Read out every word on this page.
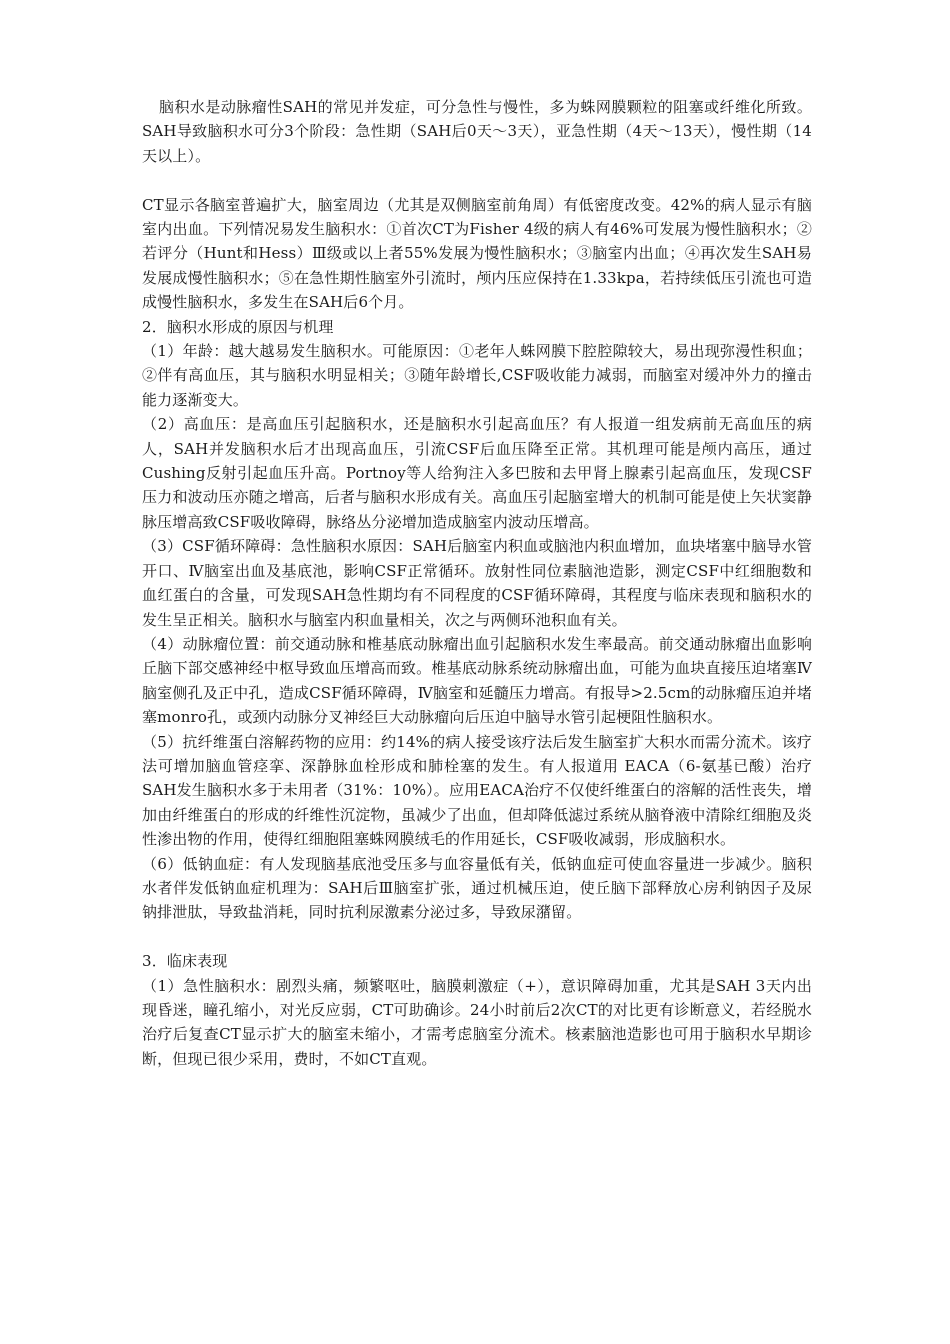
脑积水是动脉瘤性SAH的常见并发症，可分急性与慢性，多为蛛网膜颗粒的阻塞或纤维化所致。SAH导致脑积水可分3个阶段：急性期（SAH后0天～3天），亚急性期（4天～13天），慢性期（14天以上）。

CT显示各脑室普遍扩大，脑室周边（尤其是双侧脑室前角周）有低密度改变。42%的病人显示有脑室内出血。下列情况易发生脑积水：①首次CT为Fisher 4级的病人有46%可发展为慢性脑积水；②若评分（Hunt和Hess）Ⅲ级或以上者55%发展为慢性脑积水；③脑室内出血；④再次发生SAH易发展成慢性脑积水；⑤在急性期性脑室外引流时，颅内压应保持在1.33kpa，若持续低压引流也可造成慢性脑积水，多发生在SAH后6个月。

2．脑积水形成的原因与机理

（1）年龄：越大越易发生脑积水。可能原因：①老年人蛛网膜下腔腔隙较大，易出现弥漫性积血；②伴有高血压，其与脑积水明显相关；③随年龄增长,CSF吸收能力减弱，而脑室对缓冲外力的撞击能力逐渐变大。

（2）高血压：是高血压引起脑积水，还是脑积水引起高血压？有人报道一组发病前无高血压的病人，SAH并发脑积水后才出现高血压，引流CSF后血压降至正常。其机理可能是颅内高压，通过Cushing反射引起血压升高。Portnoy等人给狗注入多巴胺和去甲肾上腺素引起高血压，发现CSF压力和波动压亦随之增高，后者与脑积水形成有关。高血压引起脑室增大的机制可能是使上矢状窦静脉压增高致CSF吸收障碍，脉络丛分泌增加造成脑室内波动压增高。

（3）CSF循环障碍：急性脑积水原因：SAH后脑室内积血或脑池内积血增加，血块堵塞中脑导水管开口、Ⅳ脑室出血及基底池，影响CSF正常循环。放射性同位素脑池造影，测定CSF中红细胞数和血红蛋白的含量，可发现SAH急性期均有不同程度的CSF循环障碍，其程度与临床表现和脑积水的发生呈正相关。脑积水与脑室内积血量相关，次之与两侧环池积血有关。

（4）动脉瘤位置：前交通动脉和椎基底动脉瘤出血引起脑积水发生率最高。前交通动脉瘤出血影响丘脑下部交感神经中枢导致血压增高而致。椎基底动脉系统动脉瘤出血，可能为血块直接压迫堵塞Ⅳ脑室侧孔及正中孔，造成CSF循环障碍，Ⅳ脑室和延髓压力增高。有报导>2.5cm的动脉瘤压迫并堵塞monro孔，或颈内动脉分叉神经巨大动脉瘤向后压迫中脑导水管引起梗阻性脑积水。

（5）抗纤维蛋白溶解药物的应用：约14%的病人接受该疗法后发生脑室扩大积水而需分流术。该疗法可增加脑血管痉挛、深静脉血栓形成和肺栓塞的发生。有人报道用 EACA（6-氨基已酸）治疗SAH发生脑积水多于未用者（31%：10%）。应用EACA治疗不仅使纤维蛋白的溶解的活性丧失，增加由纤维蛋白的形成的纤维性沉淀物，虽减少了出血，但却降低滤过系统从脑脊液中清除红细胞及炎性渗出物的作用，使得红细胞阻塞蛛网膜绒毛的作用延长，CSF吸收减弱，形成脑积水。

（6）低钠血症：有人发现脑基底池受压多与血容量低有关，低钠血症可使血容量进一步减少。脑积水者伴发低钠血症机理为：SAH后Ⅲ脑室扩张，通过机械压迫，使丘脑下部释放心房利钠因子及尿钠排泄肽，导致盐消耗，同时抗利尿激素分泌过多，导致尿潴留。

3．临床表现

（1）急性脑积水：剧烈头痛，频繁呕吐，脑膜刺激症（+），意识障碍加重，尤其是SAH 3天内出现昏迷，瞳孔缩小，对光反应弱，CT可助确诊。24小时前后2次CT的对比更有诊断意义，若经脱水治疗后复查CT显示扩大的脑室未缩小，才需考虑脑室分流术。核素脑池造影也可用于脑积水早期诊断，但现已很少采用，费时，不如CT直观。
